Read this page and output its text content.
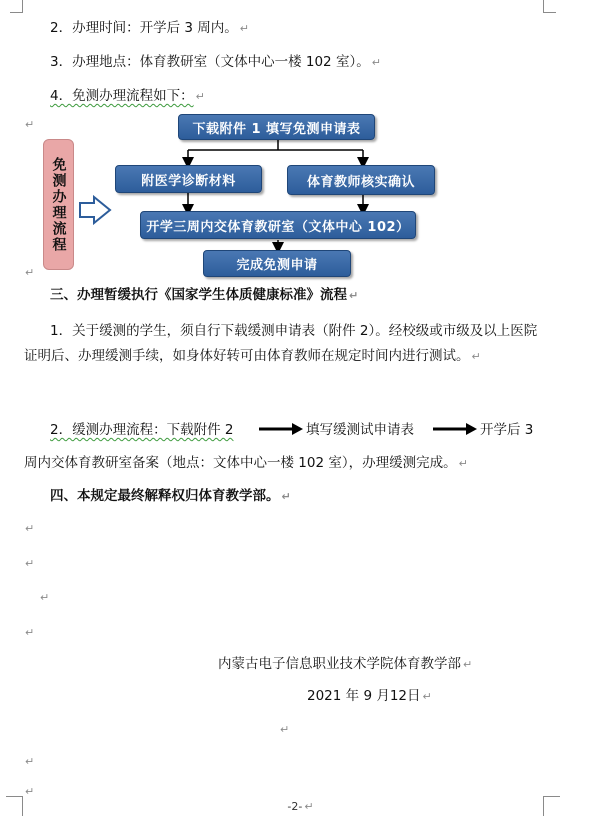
2．办理时间：开学后 3 周内。 ↵
3．办理地点：体育教研室（文体中心一楼 102 室）。 ↵
4．免测办理流程如下： ↵
↵
免测办理流程
下载附件 1 填写免测申请表
附医学诊断材料	体育教师核实确认
开学三周内交体育教研室（文体中心 102）
完成免测申请
↵
三、办理暂缓执行《国家学生体质健康标准》流程 ↵
1．关于缓测的学生，须自行下载缓测申请表（附件 2）。经校级或市级及以上医院证明后、办理缓测手续，如身体好转可由体育教师在规定时间内进行测试。 ↵
2．缓测办理流程：下载附件 2	填写缓测试申请表	开学后 3
周内交体育教研室备案（地点：文体中心一楼 102 室），办理缓测完成。 ↵
四、本规定最终解释权归体育教学部。 ↵
↵
↵
↵
↵
内蒙古电子信息职业技术学院体育教学部 ↵
2021 年 9 月12日 ↵
↵
↵
↵
-2- ↵
